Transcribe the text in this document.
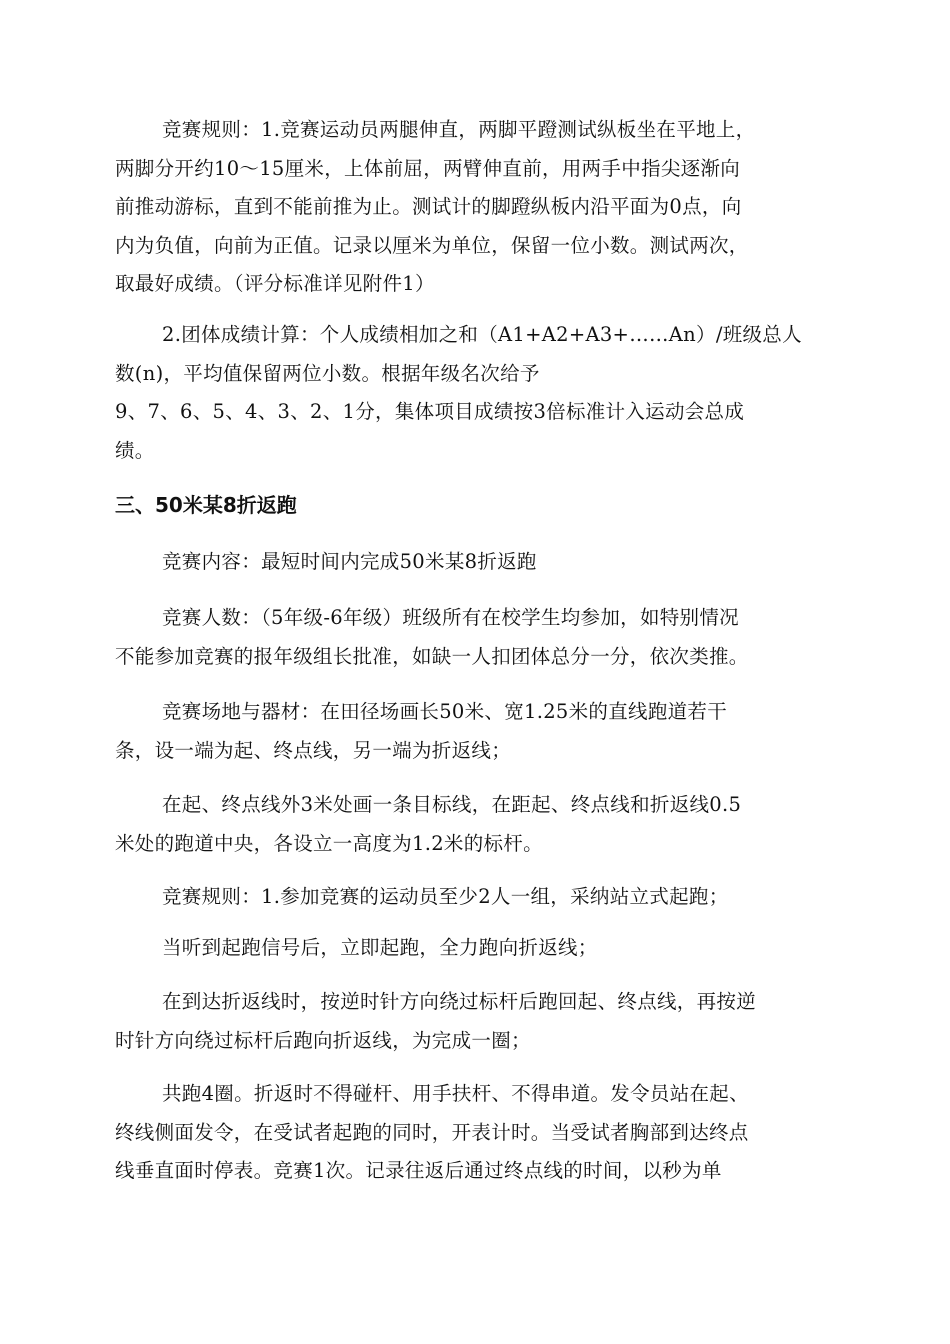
竞赛规则：1.竞赛运动员两腿伸直，两脚平蹬测试纵板坐在平地上，
两脚分开约10～15厘米，上体前屈，两臂伸直前，用两手中指尖逐渐向
前推动游标，直到不能前推为止。测试计的脚蹬纵板内沿平面为0点，向
内为负值，向前为正值。记录以厘米为单位，保留一位小数。测试两次，
取最好成绩。（评分标准详见附件1）

2.团体成绩计算：个人成绩相加之和（A1+A2+A3+……An）/班级总人
数(n)，平均值保留两位小数。根据年级名次给予
9、7、6、5、4、3、2、1分，集体项目成绩按3倍标准计入运动会总成
绩。

三、50米某8折返跑

竞赛内容：最短时间内完成50米某8折返跑

竞赛人数：（5年级-6年级）班级所有在校学生均参加，如特别情况
不能参加竞赛的报年级组长批准，如缺一人扣团体总分一分，依次类推。

竞赛场地与器材：在田径场画长50米、宽1.25米的直线跑道若干
条，设一端为起、终点线，另一端为折返线；

在起、终点线外3米处画一条目标线，在距起、终点线和折返线0.5
米处的跑道中央，各设立一高度为1.2米的标杆。

竞赛规则：1.参加竞赛的运动员至少2人一组，采纳站立式起跑；

当听到起跑信号后，立即起跑，全力跑向折返线；

在到达折返线时，按逆时针方向绕过标杆后跑回起、终点线，再按逆
时针方向绕过标杆后跑向折返线，为完成一圈；

共跑4圈。折返时不得碰杆、用手扶杆、不得串道。发令员站在起、
终线侧面发令，在受试者起跑的同时，开表计时。当受试者胸部到达终点
线垂直面时停表。竞赛1次。记录往返后通过终点线的时间，以秒为单
